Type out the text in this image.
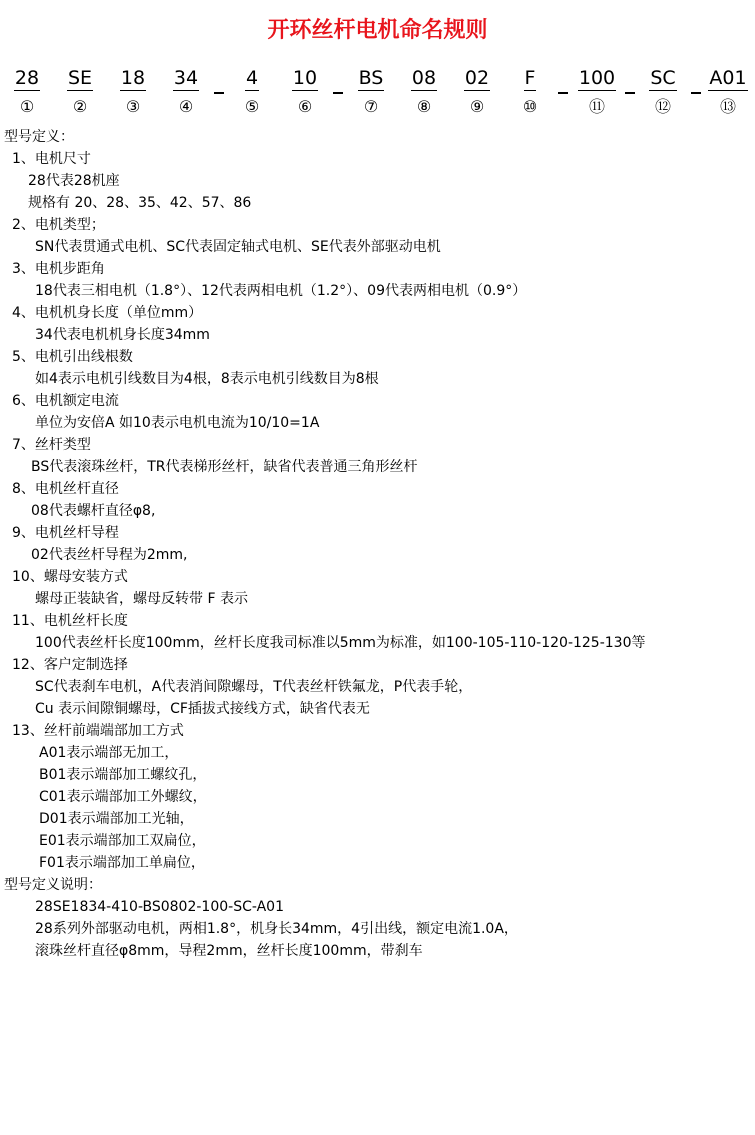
开环丝杆电机命名规则
28
①
SE
②
18
③
34
④
4
⑤
10
⑥
BS
⑦
08
⑧
02
⑨
F
⑩
100
⑪
SC
⑫
A01
⑬
型号定义：
1、电机尺寸
28代表28机座
规格有 20、28、35、42、57、86
2、电机类型；
SN代表贯通式电机、SC代表固定轴式电机、SE代表外部驱动电机
3、电机步距角
18代表三相电机（1.8°）、12代表两相电机（1.2°）、09代表两相电机（0.9°）
4、电机机身长度（单位mm）
34代表电机机身长度34mm
5、电机引出线根数
如4表示电机引线数目为4根，8表示电机引线数目为8根
6、电机额定电流
单位为安倍A 如10表示电机电流为10/10=1A
7、丝杆类型
BS代表滚珠丝杆，TR代表梯形丝杆，缺省代表普通三角形丝杆
8、电机丝杆直径
08代表螺杆直径φ8,
9、电机丝杆导程
02代表丝杆导程为2mm,
10、螺母安装方式
螺母正装缺省，螺母反转带 F 表示
11、电机丝杆长度
100代表丝杆长度100mm，丝杆长度我司标准以5mm为标准，如100-105-110-120-125-130等
12、客户定制选择
SC代表刹车电机，A代表消间隙螺母，T代表丝杆铁氟龙，P代表手轮，
Cu 表示间隙铜螺母，CF插拔式接线方式，缺省代表无
13、丝杆前端端部加工方式
A01表示端部无加工，
B01表示端部加工螺纹孔，
C01表示端部加工外螺纹，
D01表示端部加工光轴，
E01表示端部加工双扁位，
F01表示端部加工单扁位，
型号定义说明：
28SE1834-410-BS0802-100-SC-A01
28系列外部驱动电机，两相1.8°，机身长34mm，4引出线，额定电流1.0A，
滚珠丝杆直径φ8mm，导程2mm，丝杆长度100mm，带刹车
